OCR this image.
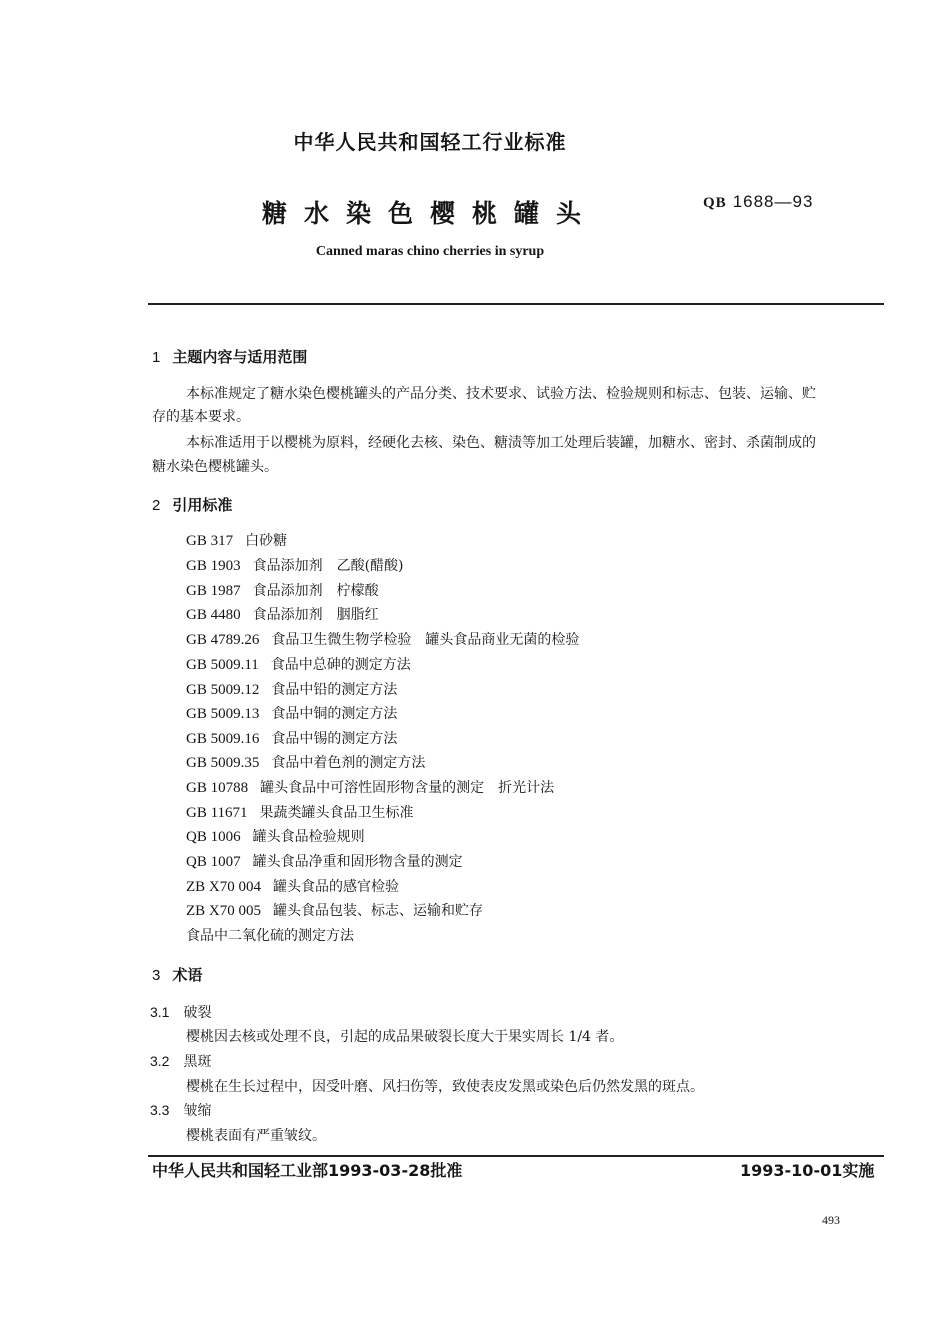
中华人民共和国轻工行业标准
糖水染色樱桃罐头	QB 1688—93
Canned maras chino cherries in syrup
1 主题内容与适用范围
本标准规定了糖水染色樱桃罐头的产品分类、技术要求、试验方法、检验规则和标志、包装、运输、贮
存的基本要求。
本标准适用于以樱桃为原料，经硬化去核、染色、糖渍等加工处理后装罐，加糖水、密封、杀菌制成的
糖水染色樱桃罐头。
2 引用标准
GB 317 白砂糖
GB 1903 食品添加剂　乙酸(醋酸)
GB 1987 食品添加剂　柠檬酸
GB 4480 食品添加剂　胭脂红
GB 4789.26 食品卫生微生物学检验　罐头食品商业无菌的检验
GB 5009.11 食品中总砷的测定方法
GB 5009.12 食品中铅的测定方法
GB 5009.13 食品中铜的测定方法
GB 5009.16 食品中锡的测定方法
GB 5009.35 食品中着色剂的测定方法
GB 10788 罐头食品中可溶性固形物含量的测定　折光计法
GB 11671 果蔬类罐头食品卫生标准
QB 1006 罐头食品检验规则
QB 1007 罐头食品净重和固形物含量的测定
ZB X70 004 罐头食品的感官检验
ZB X70 005 罐头食品包装、标志、运输和贮存
食品中二氧化硫的测定方法
3 术语
3.1 破裂
樱桃因去核或处理不良，引起的成品果破裂长度大于果实周长 1/4 者。
3.2 黑斑
樱桃在生长过程中，因受叶磨、风扫伤等，致使表皮发黑或染色后仍然发黑的斑点。
3.3 皱缩
樱桃表面有严重皱纹。
中华人民共和国轻工业部1993-03-28批准	1993-10-01实施
493
